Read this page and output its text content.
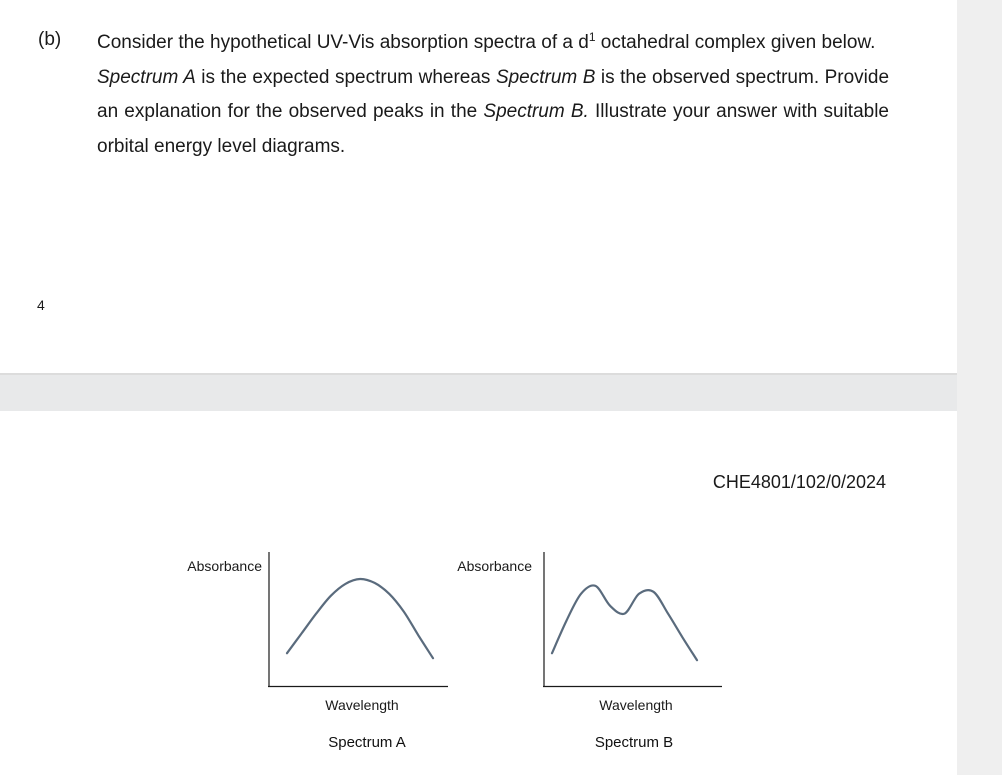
(b) Consider the hypothetical UV-Vis absorption spectra of a $d^1$ octahedral complex given below.

Spectrum A is the expected spectrum whereas Spectrum B is the observed spectrum. Provide an explanation for the observed peaks in the Spectrum B. Illustrate your answer with suitable orbital energy level diagrams.

4
CHE4801/102/0/2024
Absorbance
Wavelength
Spectrum A
Absorbance
Wavelength
Spectrum B
